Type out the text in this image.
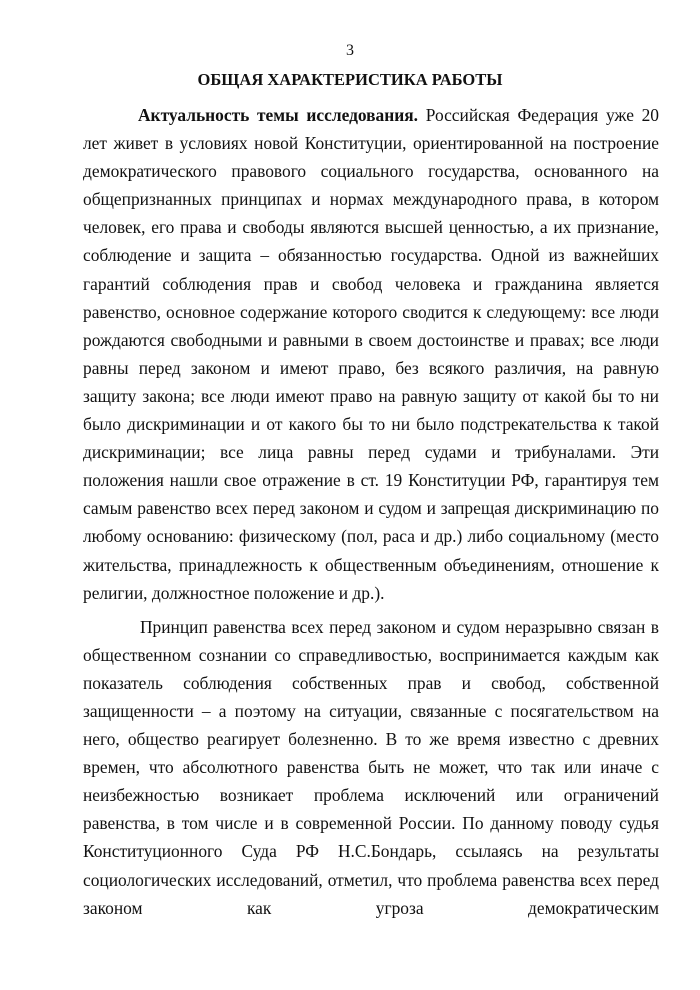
3
ОБЩАЯ ХАРАКТЕРИСТИКА РАБОТЫ

Актуальность темы исследования. Российская Федерация уже 20 лет живет в условиях новой Конституции, ориентированной на построение демократического правового социального государства, основанного на общепризнанных принципах и нормах международного права, в котором человек, его права и свободы являются высшей ценностью, а их признание, соблюдение и защита – обязанностью государства. Одной из важнейших гарантий соблюдения прав и свобод человека и гражданина является равенство, основное содержание которого сводится к следующему: все люди рождаются свободными и равными в своем достоинстве и правах; все люди равны перед законом и имеют право, без всякого различия, на равную защиту закона; все люди имеют право на равную защиту от какой бы то ни было дискриминации и от какого бы то ни было подстрекательства к такой дискриминации; все лица равны перед судами и трибуналами. Эти положения нашли свое отражение в ст. 19 Конституции РФ, гарантируя тем самым равенство всех перед законом и судом и запрещая дискриминацию по любому основанию: физическому (пол, раса и др.) либо социальному (место жительства, принадлежность к общественным объединениям, отношение к религии, должностное положение и др.).

Принцип равенства всех перед законом и судом неразрывно связан в общественном сознании со справедливостью, воспринимается каждым как показатель соблюдения собственных прав и свобод, собственной защищенности – а поэтому на ситуации, связанные с посягательством на него, общество реагирует болезненно. В то же время известно с древних времен, что абсолютного равенства быть не может, что так или иначе с неизбежностью возникает проблема исключений или ограничений равенства, в том числе и в современной России. По данному поводу судья Конституционного Суда РФ Н.С.Бондарь, ссылаясь на результаты социологических исследований, отметил, что проблема равенства всех перед законом как угроза демократическим
